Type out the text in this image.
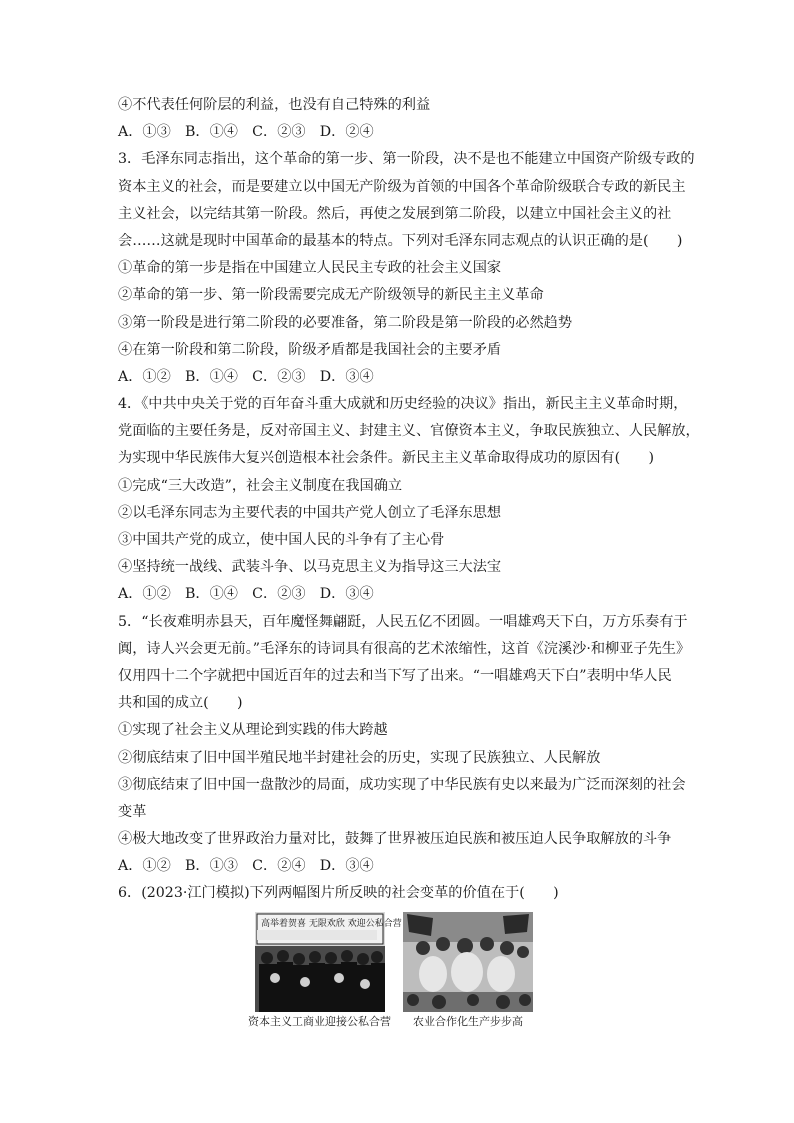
④不代表任何阶层的利益，也没有自己特殊的利益
A．①③　B．①④　C．②③　D．②④
3．毛泽东同志指出，这个革命的第一步、第一阶段，决不是也不能建立中国资产阶级专政的
资本主义的社会，而是要建立以中国无产阶级为首领的中国各个革命阶级联合专政的新民主
主义社会，以完结其第一阶段。然后，再使之发展到第二阶段，以建立中国社会主义的社
会……这就是现时中国革命的最基本的特点。下列对毛泽东同志观点的认识正确的是(　　)
①革命的第一步是指在中国建立人民民主专政的社会主义国家
②革命的第一步、第一阶段需要完成无产阶级领导的新民主主义革命
③第一阶段是进行第二阶段的必要准备，第二阶段是第一阶段的必然趋势
④在第一阶段和第二阶段，阶级矛盾都是我国社会的主要矛盾
A．①②　B．①④　C．②③　D．③④
4．《中共中央关于党的百年奋斗重大成就和历史经验的决议》指出，新民主主义革命时期，
党面临的主要任务是，反对帝国主义、封建主义、官僚资本主义，争取民族独立、人民解放，
为实现中华民族伟大复兴创造根本社会条件。新民主主义革命取得成功的原因有(　　)
①完成“三大改造”，社会主义制度在我国确立
②以毛泽东同志为主要代表的中国共产党人创立了毛泽东思想
③中国共产党的成立，使中国人民的斗争有了主心骨
④坚持统一战线、武装斗争、以马克思主义为指导这三大法宝
A．①②　B．①④　C．②③　D．③④
5．“长夜难明赤县天，百年魔怪舞翩跹，人民五亿不团圆。一唱雄鸡天下白，万方乐奏有于
阗，诗人兴会更无前。”毛泽东的诗词具有很高的艺术浓缩性，这首《浣溪沙·和柳亚子先生》
仅用四十二个字就把中国近百年的过去和当下写了出来。“一唱雄鸡天下白”表明中华人民
共和国的成立(　　)
①实现了社会主义从理论到实践的伟大跨越
②彻底结束了旧中国半殖民地半封建社会的历史，实现了民族独立、人民解放
③彻底结束了旧中国一盘散沙的局面，成功实现了中华民族有史以来最为广泛而深刻的社会
变革
④极大地改变了世界政治力量对比，鼓舞了世界被压迫民族和被压迫人民争取解放的斗争
A．①②　B．①③　C．②④　D．③④
6．(2023·江门模拟)下列两幅图片所反映的社会变革的价值在于(　　)
高举着贺喜 无限欢欣 欢迎公私合营
资本主义工商业迎接公私合营 农业合作化生产步步高
